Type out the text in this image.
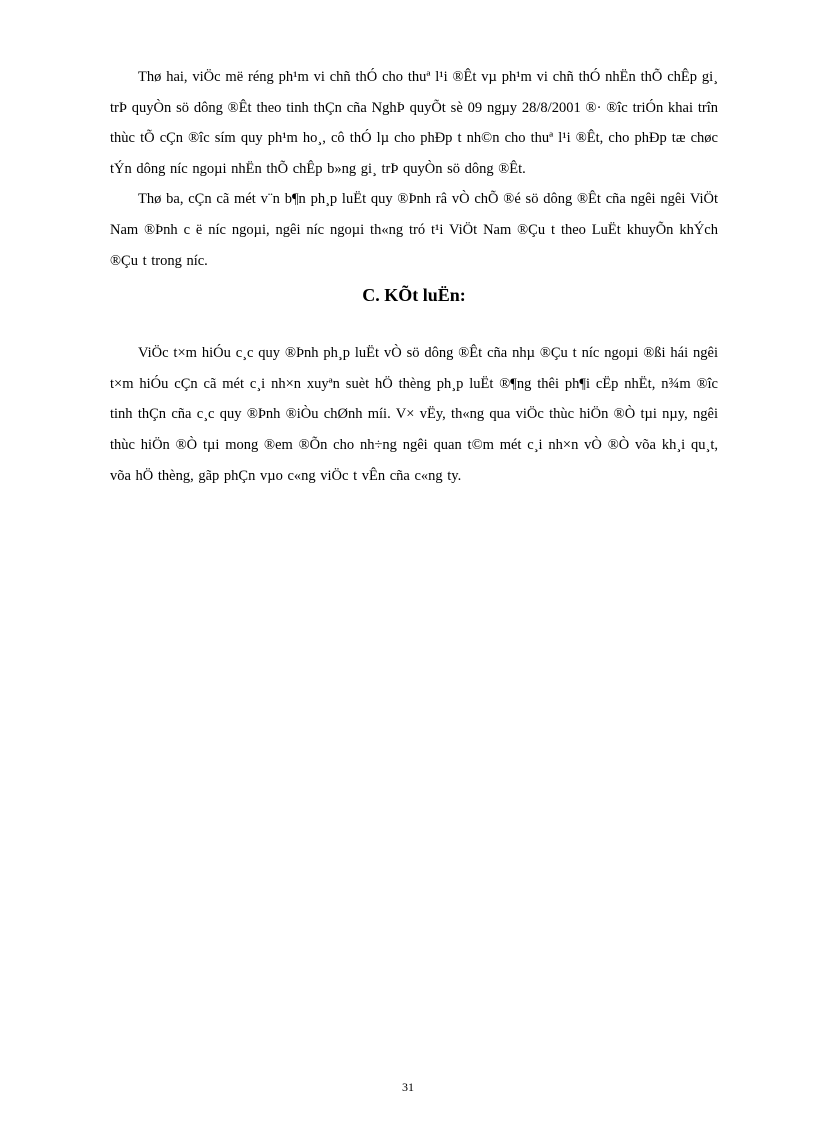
Thø hai, viÖc më réng ph¹m vi chñ thÓ cho thuª l¹i ®Êt vµ ph¹m vi chñ thÓ nhËn thÕ chÊp gi¸ trÞ quyÒn sö dông ®Êt theo tinh thÇn cña NghÞ quyÕt sè 09 ngµy 28/8/2001 ®· ®îc triÓn khai trîn thùc tÕ cÇn ®îc sím quy ph¹m ho¸, cô thÓ lµ cho phÐp t nh©n cho thuª l¹i ®Êt, cho phÐp tæ chøc tÝn dông níc ngoµi nhËn thÕ chÊp b»ng gi¸ trÞ quyÒn sö dông ®Êt.

Thø ba, cÇn cã mét v¨n b¶n ph¸p luËt quy ®Þnh râ vÒ chÕ ®é sö dông ®Êt cña ngêi ngêi ViÖt Nam ®Þnh c ë níc ngoµi, ngêi níc ngoµi th«ng tró t¹i ViÖt Nam ®Çu t theo LuËt khuyÕn khÝch ®Çu t trong níc.

C. KÕt luËn:

ViÖc t×m hiÓu c¸c quy ®Þnh ph¸p luËt vÒ sö dông ®Êt cña nhµ ®Çu t níc ngoµi ®ßi hái ngêi t×m hiÓu cÇn cã mét c¸i nh×n xuyªn suèt hÖ thèng ph¸p luËt ®¶ng thêi ph¶i cËp nhËt, n¾m ®îc tinh thÇn cña c¸c quy ®Þnh ®iÒu chØnh míi. V× vËy, th«ng qua viÖc thùc hiÖn ®Ò tµi nµy, ngêi thùc hiÖn ®Ò tµi mong ®em ®Õn cho nh÷ng ngêi quan t©m mét c¸i nh×n vÒ ®Ò võa kh¸i qu¸t, võa hÖ thèng, gãp phÇn vµo c«ng viÖc t vÊn cña c«ng ty.

31
